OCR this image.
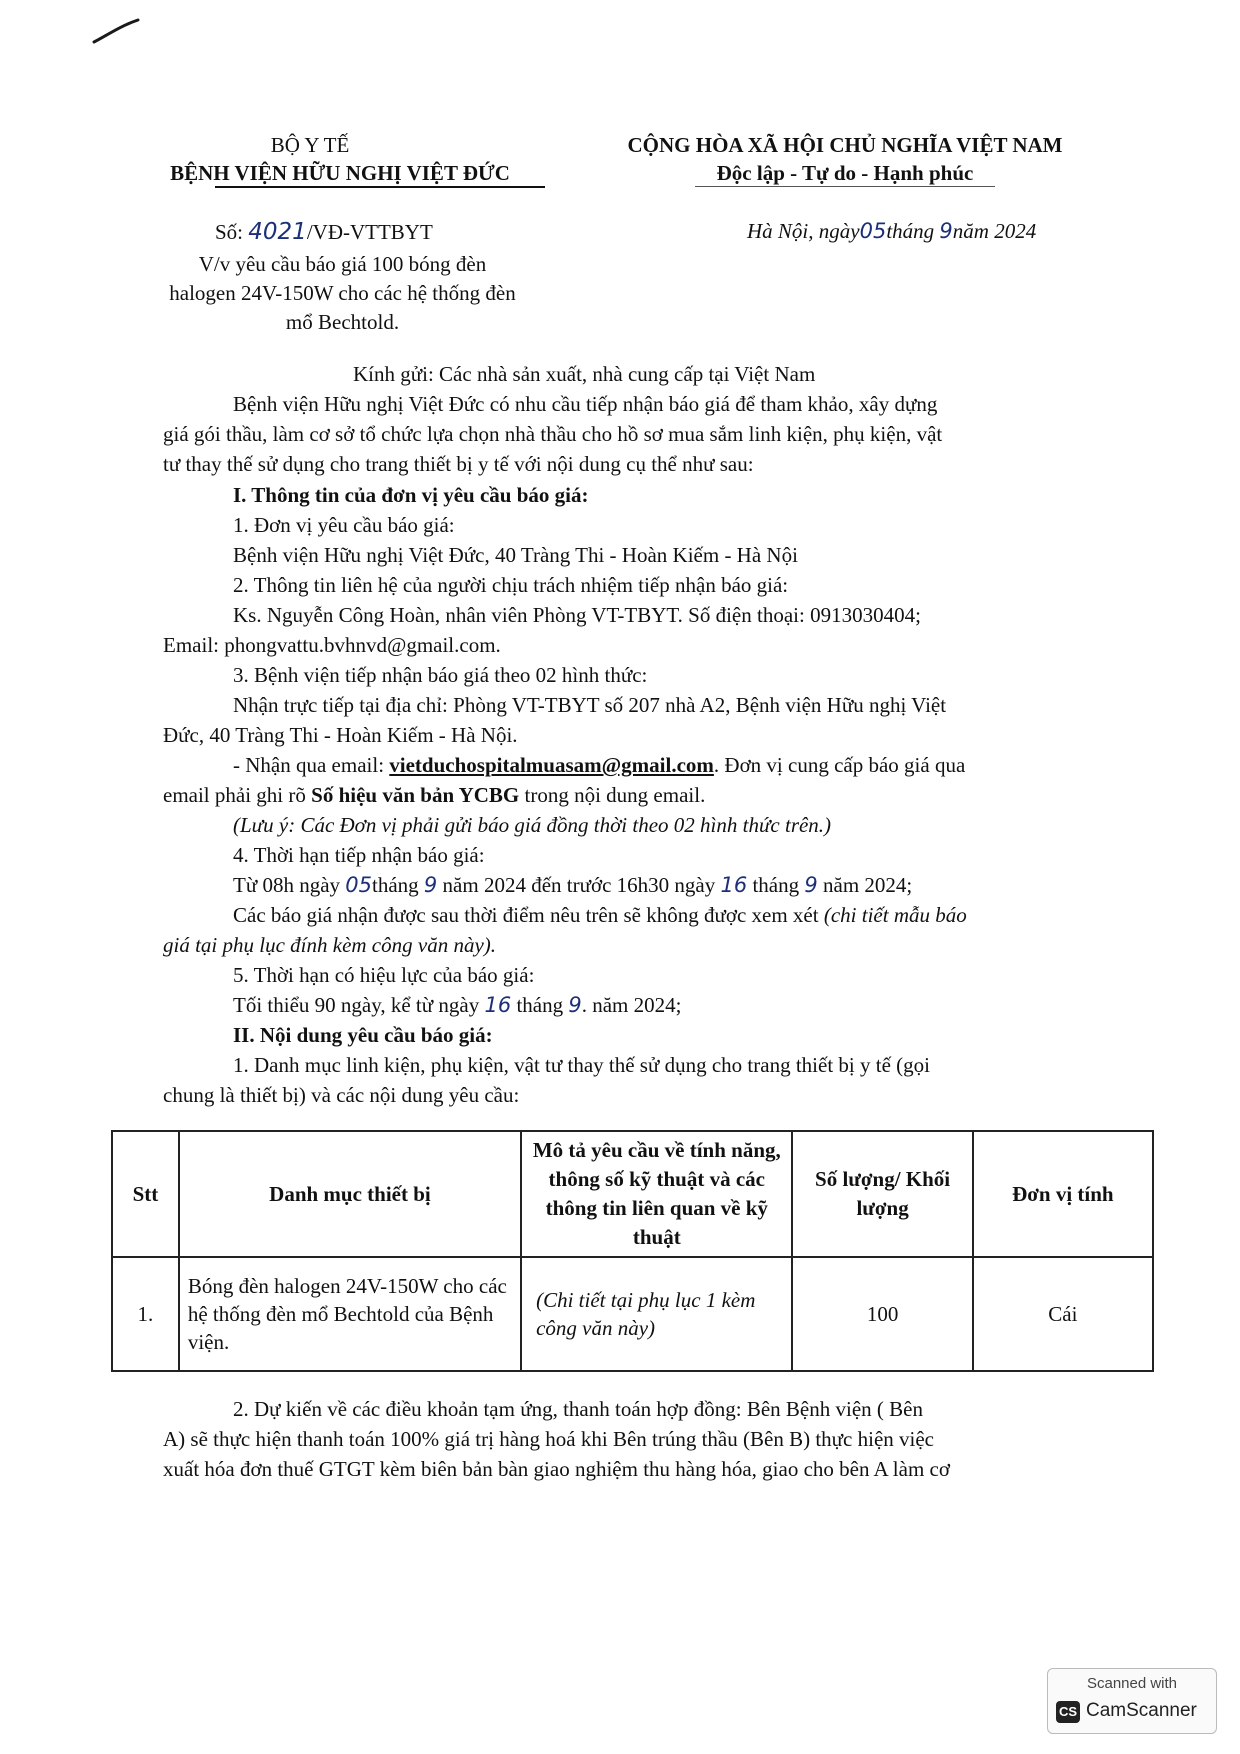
BỘ Y TẾ
BỆNH VIỆN HỮU NGHỊ VIỆT ĐỨC
Số: 4021/VĐ-VTTBYT
V/v yêu cầu báo giá 100 bóng đèn
halogen 24V-150W cho các hệ thống đèn
mổ Bechtold.
CỘNG HÒA XÃ HỘI CHỦ NGHĨA VIỆT NAM
Độc lập - Tự do - Hạnh phúc
Hà Nội, ngày05tháng 9năm 2024
Kính gửi: Các nhà sản xuất, nhà cung cấp tại Việt Nam
Bệnh viện Hữu nghị Việt Đức có nhu cầu tiếp nhận báo giá để tham khảo, xây dựng
giá gói thầu, làm cơ sở tổ chức lựa chọn nhà thầu cho hồ sơ mua sắm linh kiện, phụ kiện, vật
tư thay thế sử dụng cho trang thiết bị y tế với nội dung cụ thể như sau:
I. Thông tin của đơn vị yêu cầu báo giá:
1. Đơn vị yêu cầu báo giá:
Bệnh viện Hữu nghị Việt Đức, 40 Tràng Thi - Hoàn Kiếm - Hà Nội
2. Thông tin liên hệ của người chịu trách nhiệm tiếp nhận báo giá:
Ks. Nguyễn Công Hoàn, nhân viên Phòng VT-TBYT. Số điện thoại: 0913030404;
Email: phongvattu.bvhnvd@gmail.com.
3. Bệnh viện tiếp nhận báo giá theo 02 hình thức:
Nhận trực tiếp tại địa chỉ: Phòng VT-TBYT số 207 nhà A2, Bệnh viện Hữu nghị Việt
Đức, 40 Tràng Thi - Hoàn Kiếm - Hà Nội.
- Nhận qua email: vietduchospitalmuasam@gmail.com. Đơn vị cung cấp báo giá qua
email phải ghi rõ Số hiệu văn bản YCBG trong nội dung email.
(Lưu ý: Các Đơn vị phải gửi báo giá đồng thời theo 02 hình thức trên.)
4. Thời hạn tiếp nhận báo giá:
Từ 08h ngày 05tháng 9 năm 2024 đến trước 16h30 ngày 16 tháng 9 năm 2024;
Các báo giá nhận được sau thời điểm nêu trên sẽ không được xem xét (chi tiết mẫu báo
giá tại phụ lục đính kèm công văn này).
5. Thời hạn có hiệu lực của báo giá:
Tối thiểu 90 ngày, kể từ ngày 16 tháng 9. năm 2024;
II. Nội dung yêu cầu báo giá:
1. Danh mục linh kiện, phụ kiện, vật tư thay thế sử dụng cho trang thiết bị y tế (gọi
chung là thiết bị) và các nội dung yêu cầu:
Stt	Danh mục thiết bị	Mô tả yêu cầu về tính năng, thông số kỹ thuật và các thông tin liên quan về kỹ thuật	Số lượng/ Khối lượng	Đơn vị tính
1.	Bóng đèn halogen 24V-150W cho các hệ thống đèn mổ Bechtold của Bệnh viện.	(Chi tiết tại phụ lục 1 kèm công văn này)	100	Cái
2. Dự kiến về các điều khoản tạm ứng, thanh toán hợp đồng: Bên Bệnh viện ( Bên
A) sẽ thực hiện thanh toán 100% giá trị hàng hoá khi Bên trúng thầu (Bên B) thực hiện việc
xuất hóa đơn thuế GTGT kèm biên bản bàn giao nghiệm thu hàng hóa, giao cho bên A làm cơ
Scanned with
CS CamScanner
